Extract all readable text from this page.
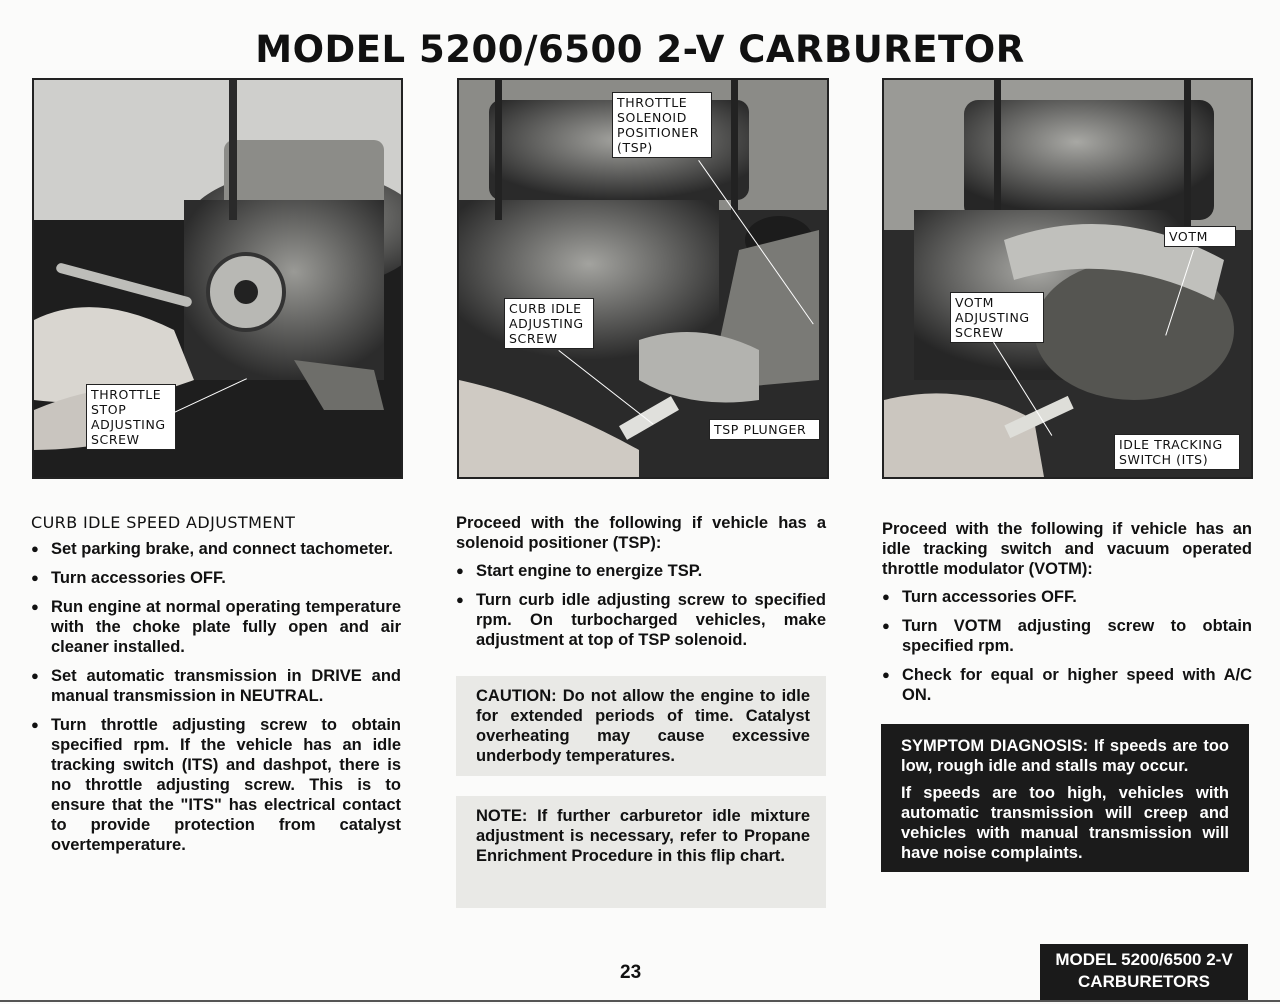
MODEL 5200/6500 2-V CARBURETOR
THROTTLE STOP ADJUSTING SCREW
THROTTLE SOLENOID POSITIONER (TSP)
CURB IDLE ADJUSTING SCREW
TSP PLUNGER
VOTM
VOTM ADJUSTING SCREW
IDLE TRACKING SWITCH (ITS)
CURB IDLE SPEED ADJUSTMENT
● Set parking brake, and connect tachometer.
● Turn accessories OFF.
● Run engine at normal operating temperature with the choke plate fully open and air cleaner installed.
● Set automatic transmission in DRIVE and manual transmission in NEUTRAL.
● Turn throttle adjusting screw to obtain specified rpm. If the vehicle has an idle tracking switch (ITS) and dashpot, there is no throttle adjusting screw. This is to ensure that the "ITS" has electrical contact to provide protection from catalyst overtemperature.

Proceed with the following if vehicle has a solenoid positioner (TSP):

● Start engine to energize TSP.
● Turn curb idle adjusting screw to specified rpm. On turbocharged vehicles, make adjustment at top of TSP solenoid.
CAUTION: Do not allow the engine to idle for extended periods of time. Catalyst overheating may cause excessive underbody temperatures.
NOTE: If further carburetor idle mixture adjustment is necessary, refer to Propane Enrichment Procedure in this flip chart.

Proceed with the following if vehicle has an idle tracking switch and vacuum operated throttle modulator (VOTM):

● Turn accessories OFF.
● Turn VOTM adjusting screw to obtain specified rpm.
● Check for equal or higher speed with A/C ON.

SYMPTOM DIAGNOSIS: If speeds are too low, rough idle and stalls may occur.

If speeds are too high, vehicles with automatic transmission will creep and vehicles with manual transmission will have noise complaints.

23
MODEL 5200/6500 2-V
CARBURETORS
